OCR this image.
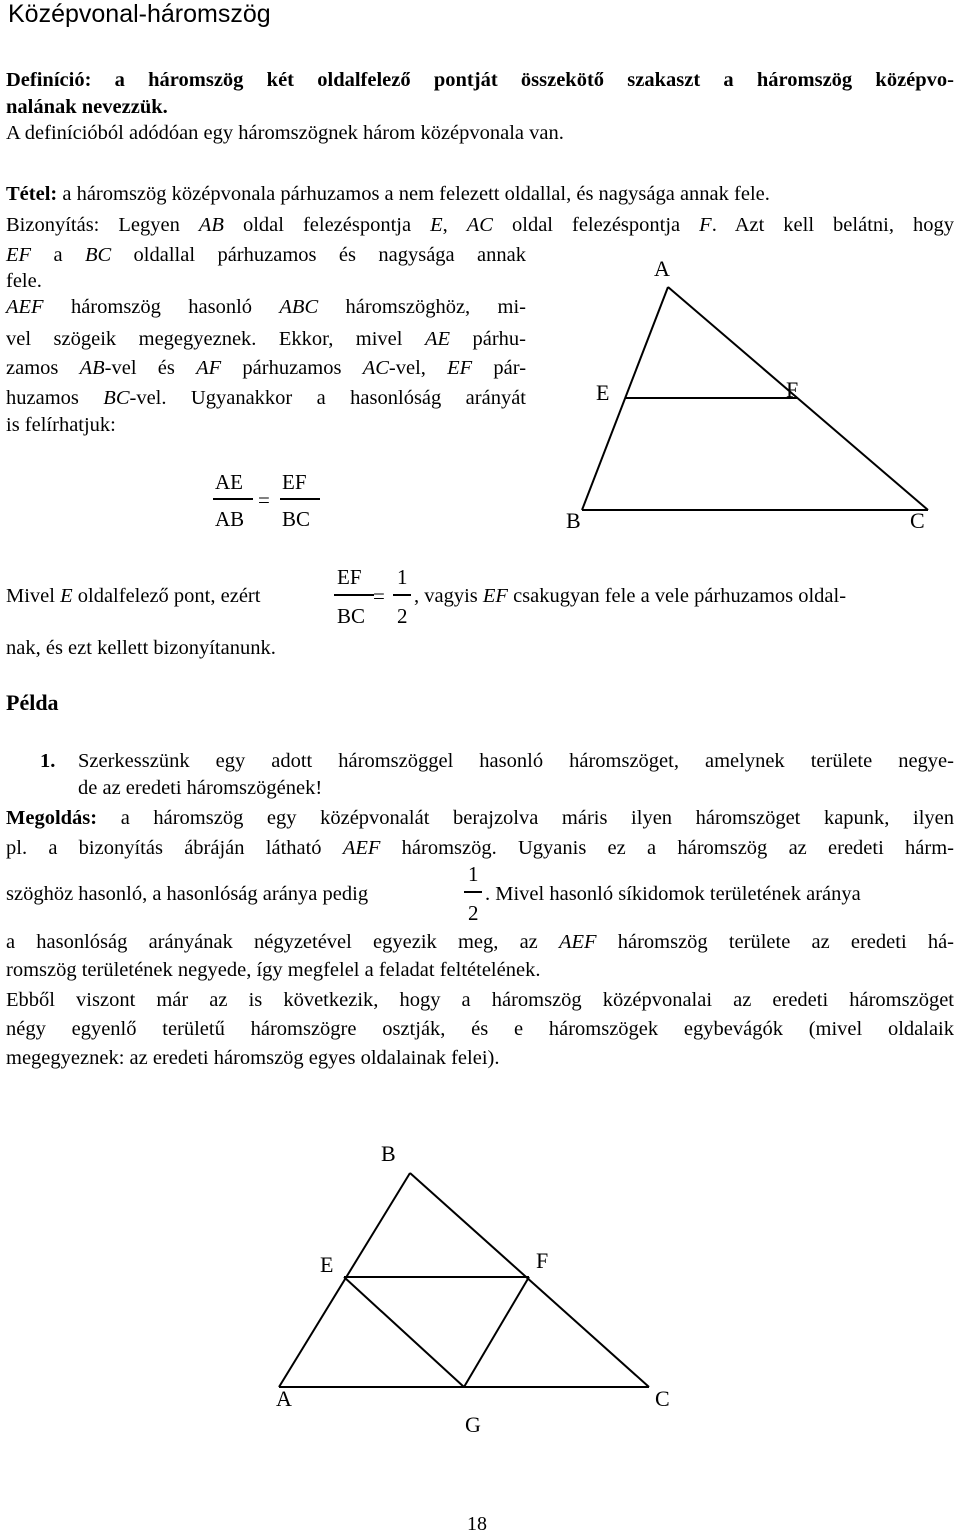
Középvonal-háromszög
Definíció: a háromszög két oldalfelező pontját összekötő szakaszt a háromszög középvo-
nalának nevezzük.
A definícióból adódóan egy háromszögnek három középvonala van.
Tétel: a háromszög középvonala párhuzamos a nem felezett oldallal, és nagysága annak fele.
Bizonyítás: Legyen AB oldal felezéspontja E, AC oldal felezéspontja F. Azt kell belátni, hogy
EF a BC oldallal párhuzamos és nagysága annak
fele.
AEF háromszög hasonló ABC háromszöghöz, mi-
vel szögeik megegyeznek. Ekkor, mivel AE párhu-
zamos AB-vel és AF párhuzamos AC-vel, EF pár-
huzamos BC-vel. Ugyanakkor a hasonlóság arányát
is felírhatjuk:
AE
AB
=
EF
BC
A
E	F
B	C
Mivel E oldalfelező pont, ezért
EF
BC
=
1
2
, vagyis EF csakugyan fele a vele párhuzamos oldal-
nak, és ezt kellett bizonyítanunk.
Példa
1. Szerkesszünk egy adott háromszöggel hasonló háromszöget, amelynek területe negye-
de az eredeti háromszögének!
Megoldás: a háromszög egy középvonalát berajzolva máris ilyen háromszöget kapunk, ilyen
pl. a bizonyítás ábráján látható AEF háromszög. Ugyanis ez a háromszög az eredeti hárm-
szöghöz hasonló, a hasonlóság aránya pedig
1
2
. Mivel hasonló síkidomok területének aránya
a hasonlóság arányának négyzetével egyezik meg, az AEF háromszög területe az eredeti há-
romszög területének negyede, így megfelel a feladat feltételének.
Ebből viszont már az is következik, hogy a háromszög középvonalai az eredeti háromszöget
négy egyenlő területű háromszögre osztják, és e háromszögek egybevágók (mivel oldalaik
megegyeznek: az eredeti háromszög egyes oldalainak felei).
B
E	F
A
G
C
18
